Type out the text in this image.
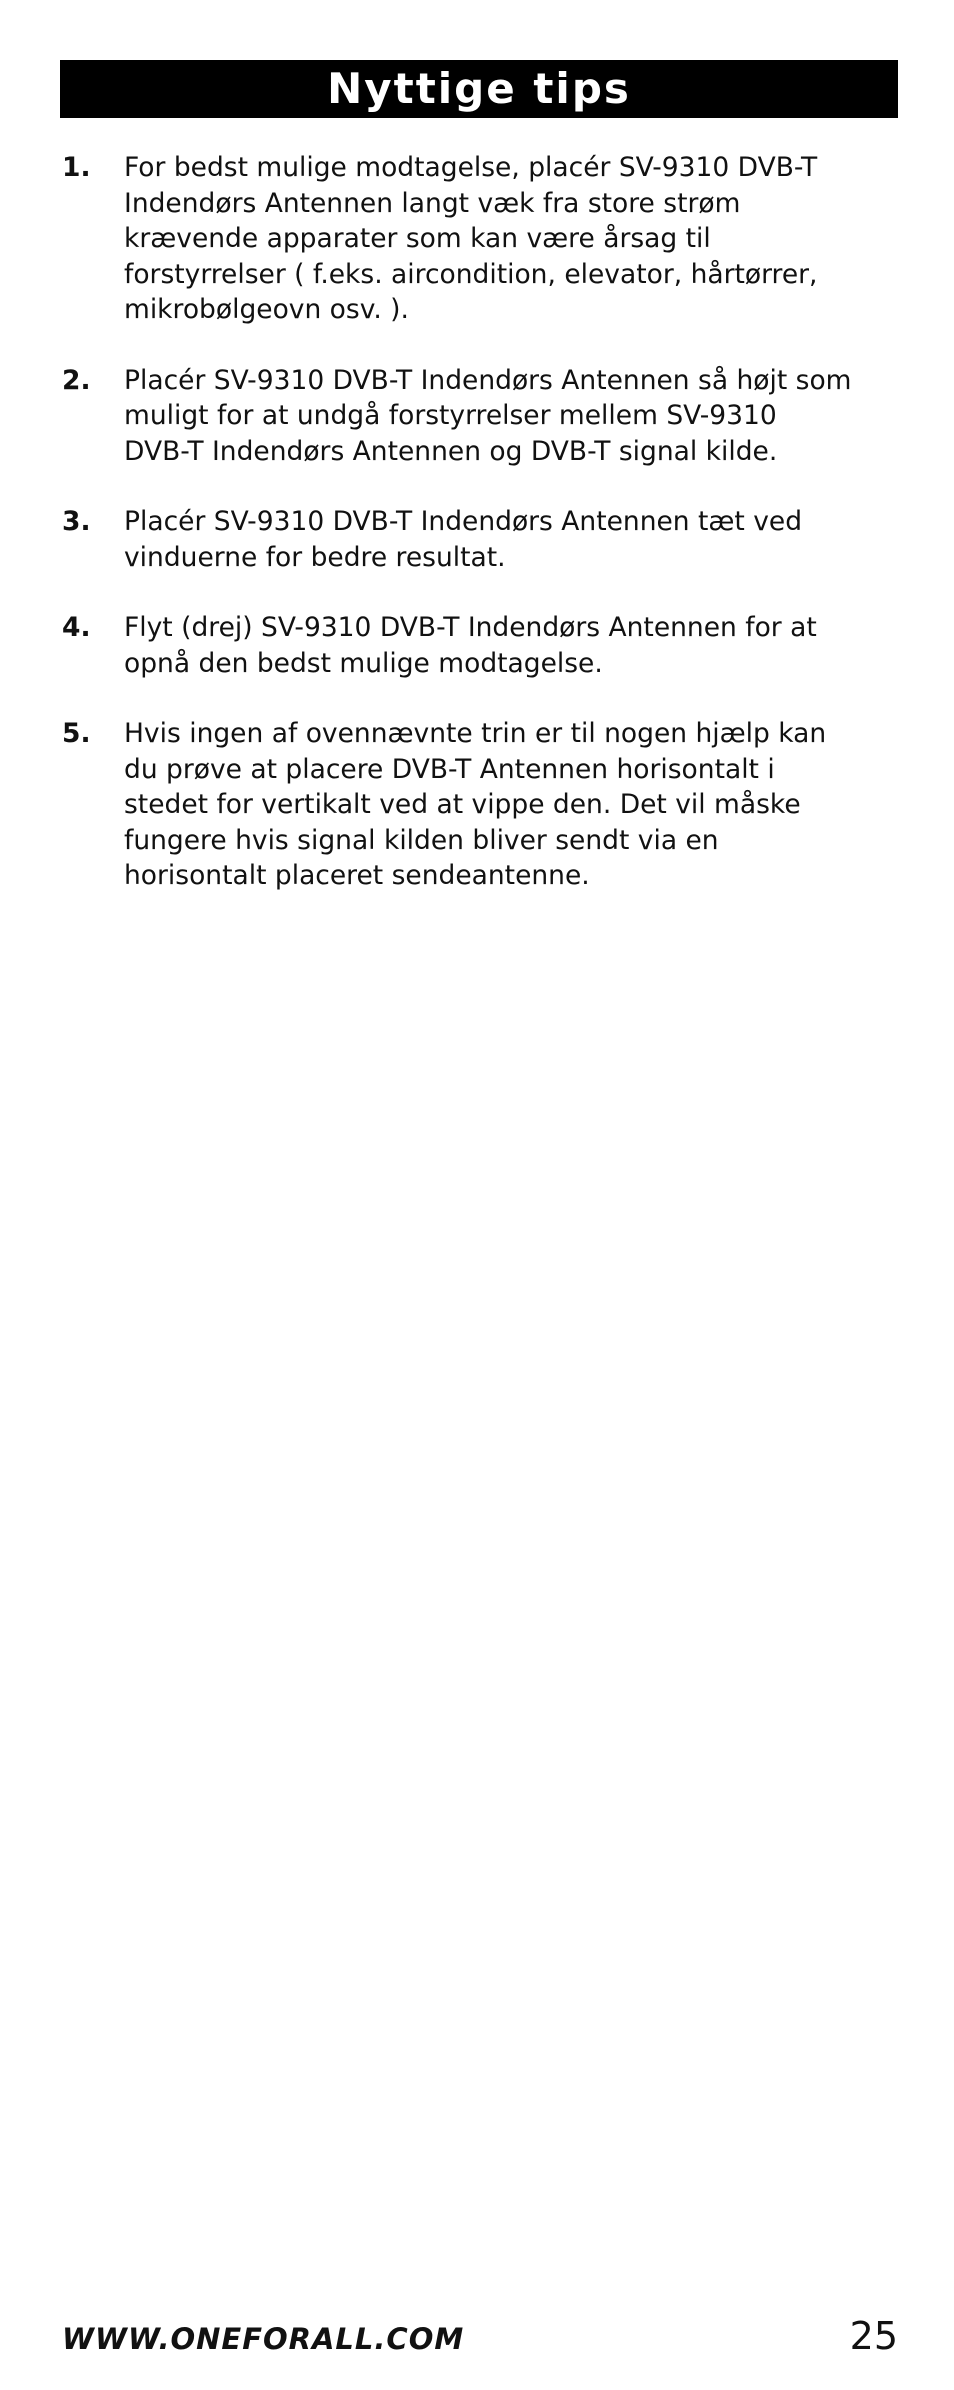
Nyttige tips
1. For bedst mulige modtagelse, placér SV-9310 DVB-T
Indendørs Antennen langt væk fra store strøm
krævende apparater som kan være årsag til
forstyrrelser ( f.eks. aircondition, elevator, hårtørrer,
mikrobølgeovn osv. ).
2. Placér SV-9310 DVB-T Indendørs Antennen så højt som
muligt for at undgå forstyrrelser mellem SV-9310
DVB-T Indendørs Antennen og DVB-T signal kilde.
3. Placér SV-9310 DVB-T Indendørs Antennen tæt ved
vinduerne for bedre resultat.
4. Flyt (drej) SV-9310 DVB-T Indendørs Antennen for at
opnå den bedst mulige modtagelse.
5. Hvis ingen af ovennævnte trin er til nogen hjælp kan
du prøve at placere DVB-T Antennen horisontalt i
stedet for vertikalt ved at vippe den. Det vil måske
fungere hvis signal kilden bliver sendt via en
horisontalt placeret sendeantenne.
WWW.ONEFORALL.COM	25
